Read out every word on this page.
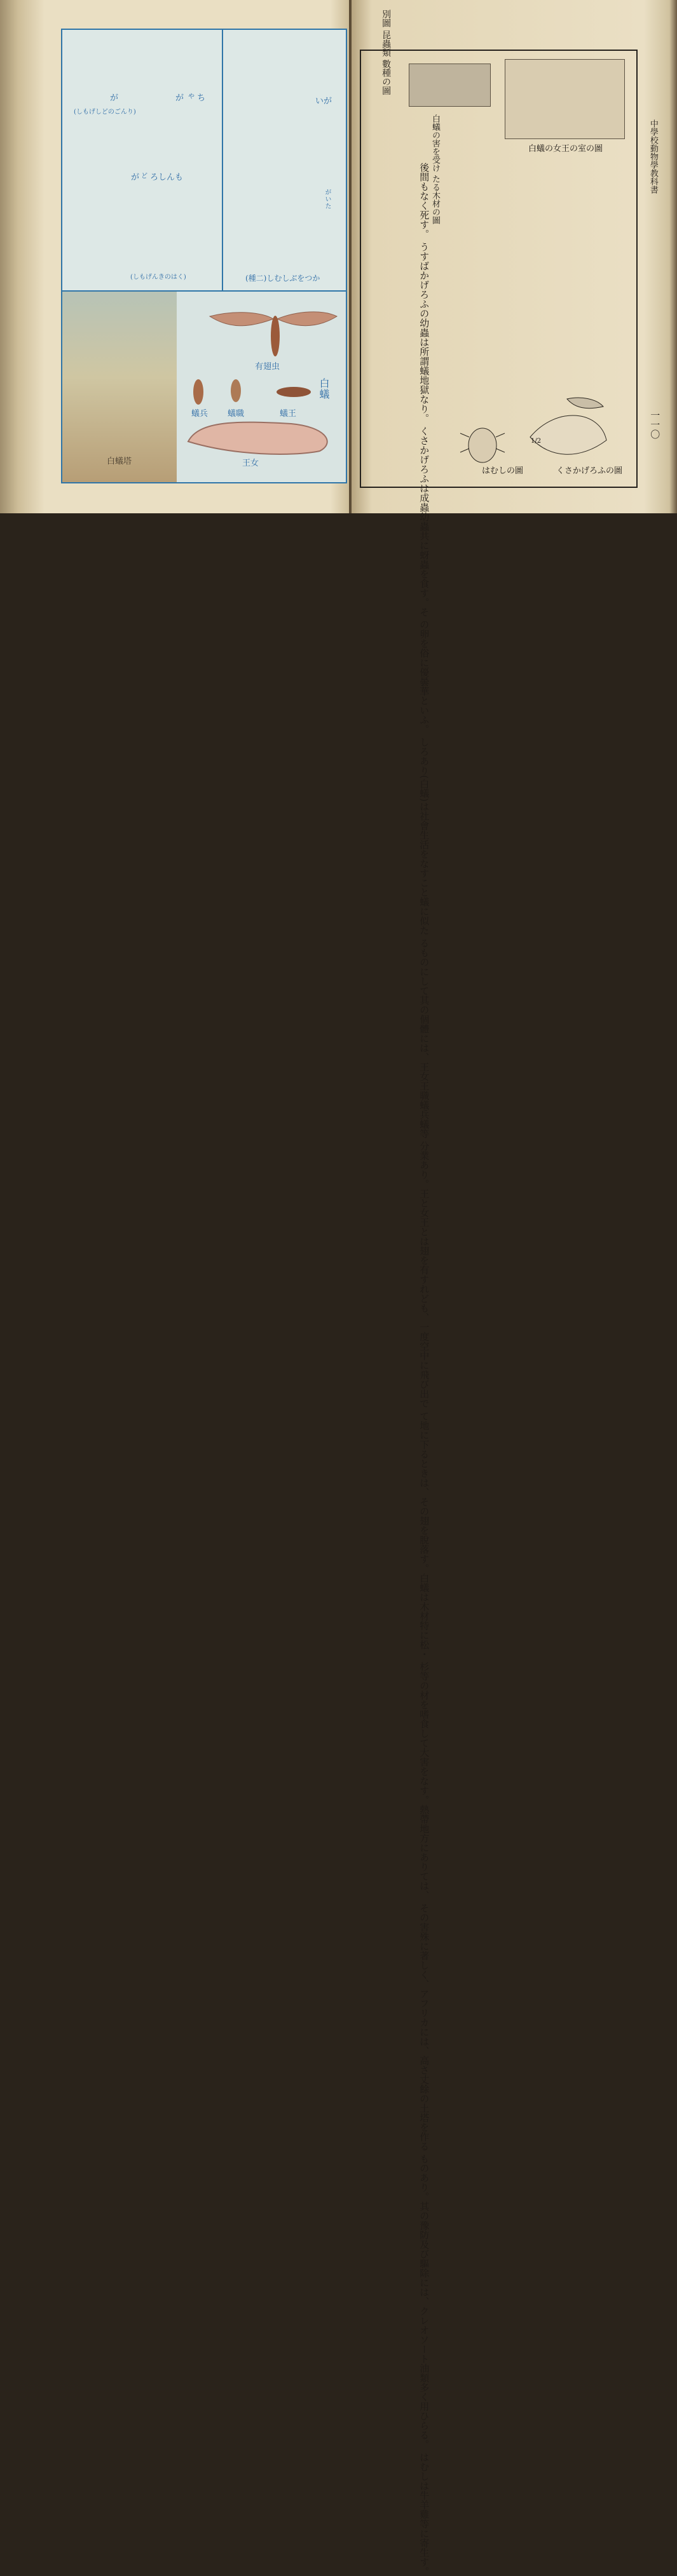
が
(しもげしどのごんり)
が や ち
が ど ろしんも
いが
(しもげんきのはく)
がいた
(種二)しむしぶをつか
有翅虫
白蟻
蟻兵 蟻職	蟻王
王女
白蟻塔
別圖 昆蟲類 數種の圖
白蟻の害を受け たる木材の圖
白蟻の女王の室の圖
後間もなく死す。 うすばかげろふの幼蟲は所謂蟻地獄なり。 くさかげろふは成蟲幼蟲共に蚜蟲を食す。そ の卵を俗に優曇華といふ。 しろあり(白蟻)は社會生活をなすこと蟻に似た るものにして其の個體には、王女王職蟻兵蟻等 分業あり。王と女王とは翅を有すれども、一度空中に飛び出で て地に下るときは、その翅を脫落す。白蟻は木材特に松・ 杉等の材を嗜食して大害をなす。熱帶地方にありては、 その害殊に著しく、アフリカには、高さ丈餘の土塔を作る ものあり。其の豫防及び驅除には、クレオソート油類多く用ひらる。 はむしは牛羊雞等に寄生す。
中學校動物學教科書
一一〇
1/2
はむしの圖	くさかげろふの圖
